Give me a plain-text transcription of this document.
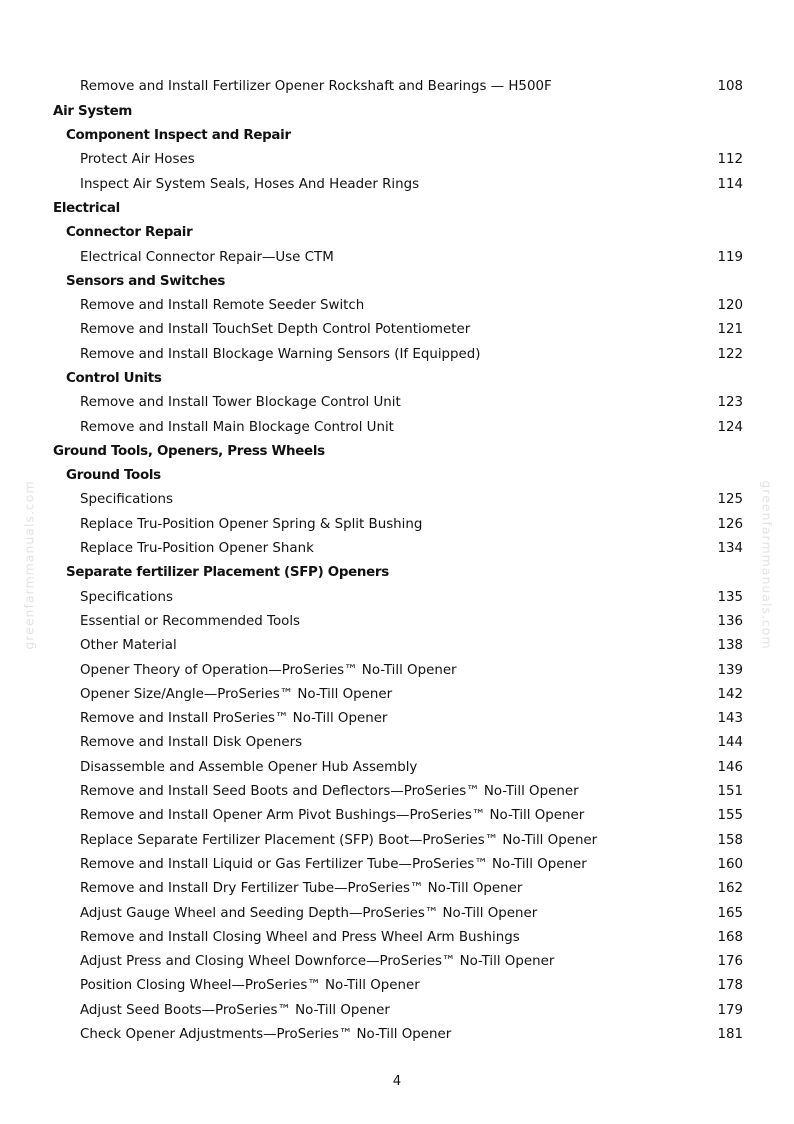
greenfarmmanuals.com	greenfarmmanuals.com
Remove and Install Fertilizer Opener Rockshaft and Bearings — H500F	108
Air System
Component Inspect and Repair
Protect Air Hoses	112
Inspect Air System Seals, Hoses And Header Rings	114
Electrical
Connector Repair
Electrical Connector Repair—Use CTM	119
Sensors and Switches
Remove and Install Remote Seeder Switch	120
Remove and Install TouchSet Depth Control Potentiometer	121
Remove and Install Blockage Warning Sensors (If Equipped)	122
Control Units
Remove and Install Tower Blockage Control Unit	123
Remove and Install Main Blockage Control Unit	124
Ground Tools, Openers, Press Wheels
Ground Tools
Specifications	125
Replace Tru-Position Opener Spring & Split Bushing	126
Replace Tru-Position Opener Shank	134
Separate fertilizer Placement (SFP) Openers
Specifications	135
Essential or Recommended Tools	136
Other Material	138
Opener Theory of Operation—ProSeries™ No-Till Opener	139
Opener Size/Angle—ProSeries™ No-Till Opener	142
Remove and Install ProSeries™ No-Till Opener	143
Remove and Install Disk Openers	144
Disassemble and Assemble Opener Hub Assembly	146
Remove and Install Seed Boots and Deflectors—ProSeries™ No-Till Opener	151
Remove and Install Opener Arm Pivot Bushings—ProSeries™ No-Till Opener	155
Replace Separate Fertilizer Placement (SFP) Boot—ProSeries™ No-Till Opener	158
Remove and Install Liquid or Gas Fertilizer Tube—ProSeries™ No-Till Opener	160
Remove and Install Dry Fertilizer Tube—ProSeries™ No-Till Opener	162
Adjust Gauge Wheel and Seeding Depth—ProSeries™ No-Till Opener	165
Remove and Install Closing Wheel and Press Wheel Arm Bushings	168
Adjust Press and Closing Wheel Downforce—ProSeries™ No-Till Opener	176
Position Closing Wheel—ProSeries™ No-Till Opener	178
Adjust Seed Boots—ProSeries™ No-Till Opener	179
Check Opener Adjustments—ProSeries™ No-Till Opener	181
4
